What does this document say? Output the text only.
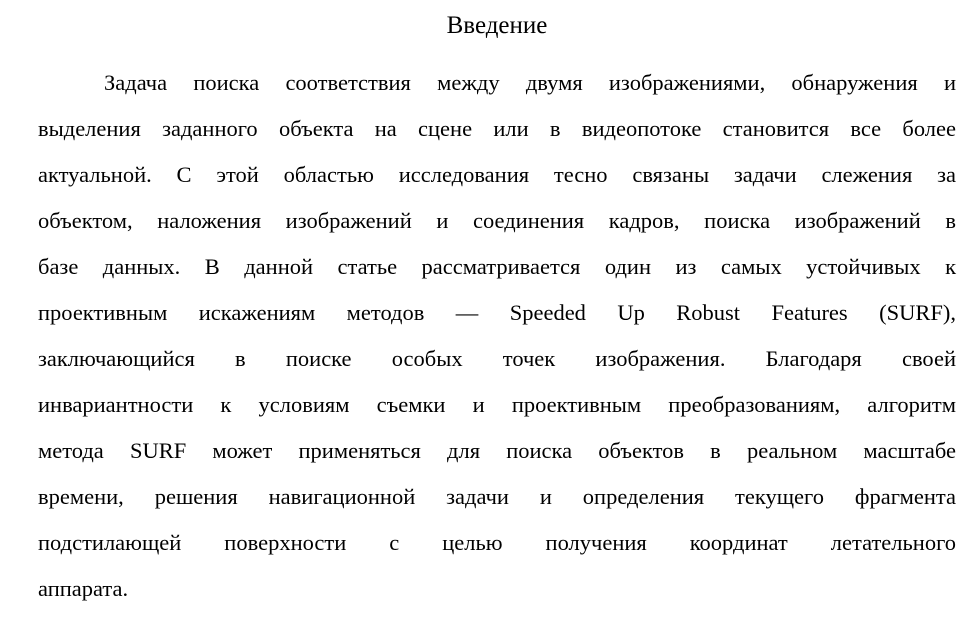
Введение
Задача поиска соответствия между двумя изображениями, обнаружения и
выделения заданного объекта на сцене или в видеопотоке становится все более
актуальной. С этой областью исследования тесно связаны задачи слежения за
объектом, наложения изображений и соединения кадров, поиска изображений в
базе данных. В данной статье рассматривается один из самых устойчивых к
проективным искажениям методов — Speeded Up Robust Features (SURF),
заключающийся в поиске особых точек изображения. Благодаря своей
инвариантности к условиям съемки и проективным преобразованиям, алгоритм
метода SURF может применяться для поиска объектов в реальном масштабе
времени, решения навигационной задачи и определения текущего фрагмента
подстилающей поверхности с целью получения координат летательного
аппарата.
